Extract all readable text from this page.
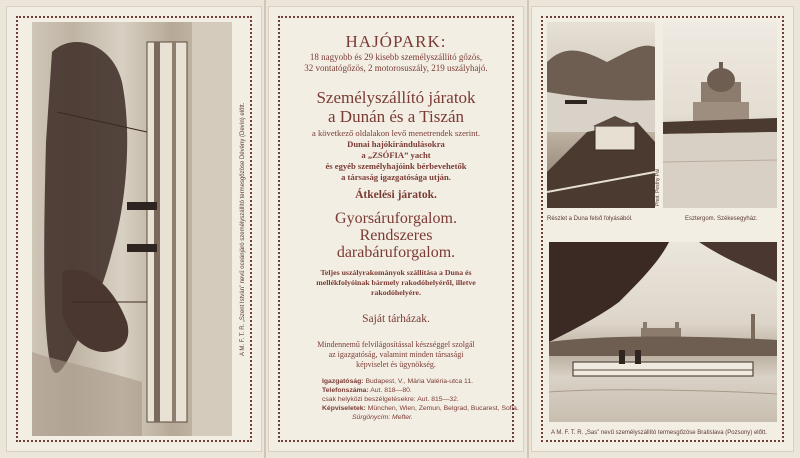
A M. F. T. R. „Szent István” nevű oceánjáró személyszállító termesgőzöse Dévény (Devín) előtt.
HAJÓPARK:
18 nagyobb és 29 kisebb személyszállító gőzös,
32 vontatógőzös, 2 motorosuszály, 219 uszályhajó.
Személyszállító járatok
a Dunán és a Tiszán
a következő oldalakon levő menetrendek szerint.
Dunai hajókirándulásokra
a „ZSÓFIA” yacht
és egyéb személyhajóink bérbevehetők
a társaság igazgatósága utján.
Átkelési járatok.
Gyorsáruforgalom.
Rendszeres
darabáruforgalom.
Teljes uszályrakományok szállítása a Duna és
mellékfolyóinak bármely rakodóhelyéről, illetve
rakodóhelyére.
Saját tárházak.
Mindennemű felvilágosítással készséggel szolgál
az igazgatóság, valamint minden társasági
képviselet és ügynökség.
Igazgatóság: Budapest, V., Mária Valéria-utca 11.
Telefonszáma: Aut. 818—80.
csak helyközi beszélgetésekre: Aut. 815—32.
Képviseletek: München, Wien, Zemun, Belgrad, Bucarest, Sofia.
Sürgönycím: Mefter.
Részlet a Duna felső folyásából.	Esztergom. Székesegyház.
Phot. Pesthy Pál
A M. F. T. R. „Sas” nevű személyszállító termesgőzöse Bratislava (Pozsony) előtt.
